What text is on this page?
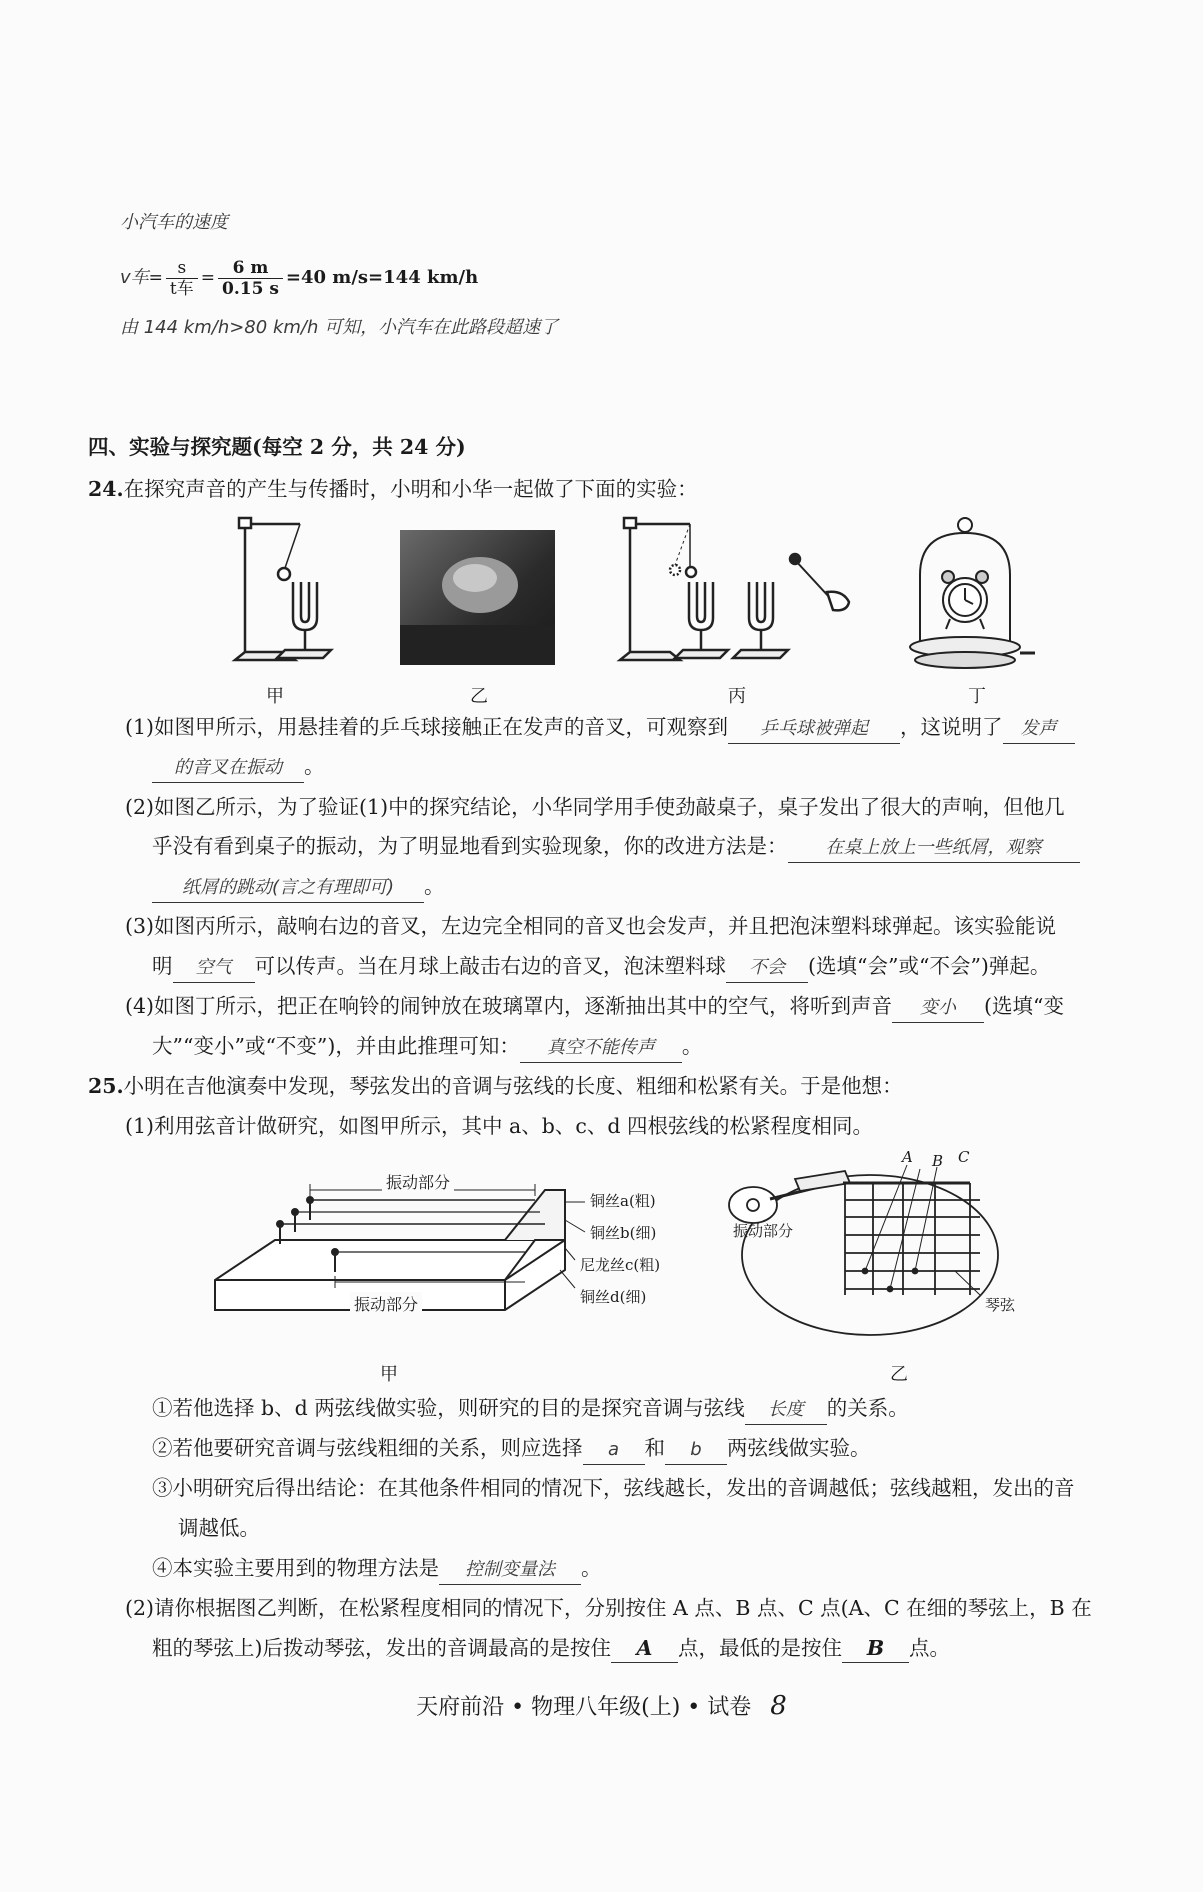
小汽车的速度
v车= $\frac{s}{\text{t车}} = \frac{6 m}{0.15 s} =40$ m/s=144 km/h
由 144 km/h>80 km/h 可知，小汽车在此路段超速了
四、实验与探究题(每空 2 分，共 24 分)
24.在探究声音的产生与传播时，小明和小华一起做了下面的实验：
甲	乙	丙	丁
(1)如图甲所示，用悬挂着的乒乓球接触正在发声的音叉，可观察到 乒乓球被弹起 ，这说明了 发声
的音叉在振动 。
(2)如图乙所示，为了验证(1)中的探究结论，小华同学用手使劲敲桌子，桌子发出了很大的声响，但他几
乎没有看到桌子的振动，为了明显地看到实验现象，你的改进方法是： 在桌上放上一些纸屑，观察
纸屑的跳动(言之有理即可) 。
(3)如图丙所示，敲响右边的音叉，左边完全相同的音叉也会发声，并且把泡沫塑料球弹起。该实验能说
明 空气 可以传声。当在月球上敲击右边的音叉，泡沫塑料球 不会 (选填“会”或“不会”)弹起。
(4)如图丁所示，把正在响铃的闹钟放在玻璃罩内，逐渐抽出其中的空气，将听到声音 变小 (选填“变
大”“变小”或“不变”)，并由此推理可知： 真空不能传声 。
25.小明在吉他演奏中发现，琴弦发出的音调与弦线的长度、粗细和松紧有关。于是他想：
(1)利用弦音计做研究，如图甲所示，其中 a、b、c、d 四根弦线的松紧程度相同。
振动部分
振动部分
铜丝a(粗)
铜丝b(细)
尼龙丝c(粗)
铜丝d(细)
甲
A B C
振动部分
琴弦
乙
①若他选择 b、d 两弦线做实验，则研究的目的是探究音调与弦线 长度 的关系。
②若他要研究音调与弦线粗细的关系，则应选择 a 和 b 两弦线做实验。
③小明研究后得出结论：在其他条件相同的情况下，弦线越长，发出的音调越低；弦线越粗，发出的音
调越低。
④本实验主要用到的物理方法是 控制变量法 。
(2)请你根据图乙判断，在松紧程度相同的情况下，分别按住 A 点、B 点、C 点(A、C 在细的琴弦上，B 在
粗的琴弦上)后拨动琴弦，发出的音调最高的是按住 A 点，最低的是按住 B 点。
天府前沿 • 物理八年级(上) • 试卷 8
